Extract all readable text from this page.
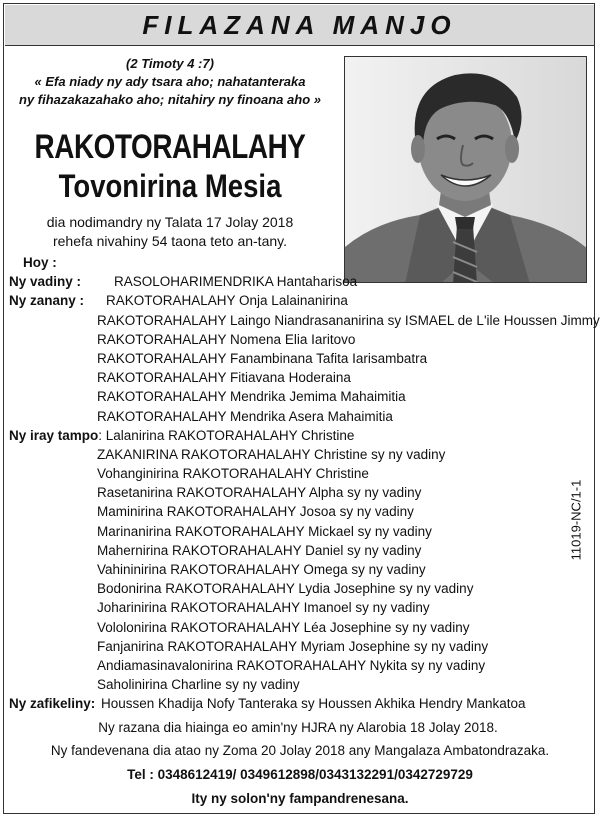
FILAZANA MANJO
(2 Timoty 4 :7)
« Efa niady ny ady tsara aho; nahatanteraka
ny fihazakazahako aho; nitahiry ny finoana aho »
RAKOTORAHALAHY
Tovonirina Mesia
dia nodimandry ny Talata 17 Jolay 2018
rehefa nivahiny 54 taona teto an-tany.
Hoy :
Ny vadiny : RASOLOHARIMENDRIKA Hantaharisoa
Ny zanany : RAKOTORAHALAHY Onja Lalainanirina
RAKOTORAHALAHY Laingo Niandrasananirina sy ISMAEL de L'ile Houssen Jimmy
RAKOTORAHALAHY Nomena Elia Iaritovo
RAKOTORAHALAHY Fanambinana Tafita Iarisambatra
RAKOTORAHALAHY Fitiavana Hoderaina
RAKOTORAHALAHY Mendrika Jemima Mahaimitia
RAKOTORAHALAHY Mendrika Asera Mahaimitia
Ny iray tampo: Lalanirina RAKOTORAHALAHY Christine
ZAKANIRINA RAKOTORAHALAHY Christine sy ny vadiny
Vohanginirina RAKOTORAHALAHY Christine
Rasetanirina RAKOTORAHALAHY Alpha sy ny vadiny
Maminirina RAKOTORAHALAHY Josoa sy ny vadiny
Marinanirina RAKOTORAHALAHY Mickael sy ny vadiny
Mahernirina RAKOTORAHALAHY Daniel sy ny vadiny
Vahininirina RAKOTORAHALAHY Omega sy ny vadiny
Bodonirina RAKOTORAHALAHY Lydia Josephine sy ny vadiny
Joharinirina RAKOTORAHALAHY Imanoel sy ny vadiny
Vololonirina RAKOTORAHALAHY Léa Josephine sy ny vadiny
Fanjanirina RAKOTORAHALAHY Myriam Josephine sy ny vadiny
Andiamasinavalonirina RAKOTORAHALAHY Nykita sy ny vadiny
Saholinirina Charline sy ny vadiny
Ny zafikeliny: Houssen Khadija Nofy Tanteraka sy Houssen Akhika Hendry Mankatoa
11019-NC/1-1
Ny razana dia hiainga eo amin'ny HJRA ny Alarobia 18 Jolay 2018.
Ny fandevenana dia atao ny Zoma 20 Jolay 2018 any Mangalaza Ambatondrazaka.
Tel : 0348612419/ 0349612898/0343132291/0342729729
Ity ny solon'ny fampandrenesana.
